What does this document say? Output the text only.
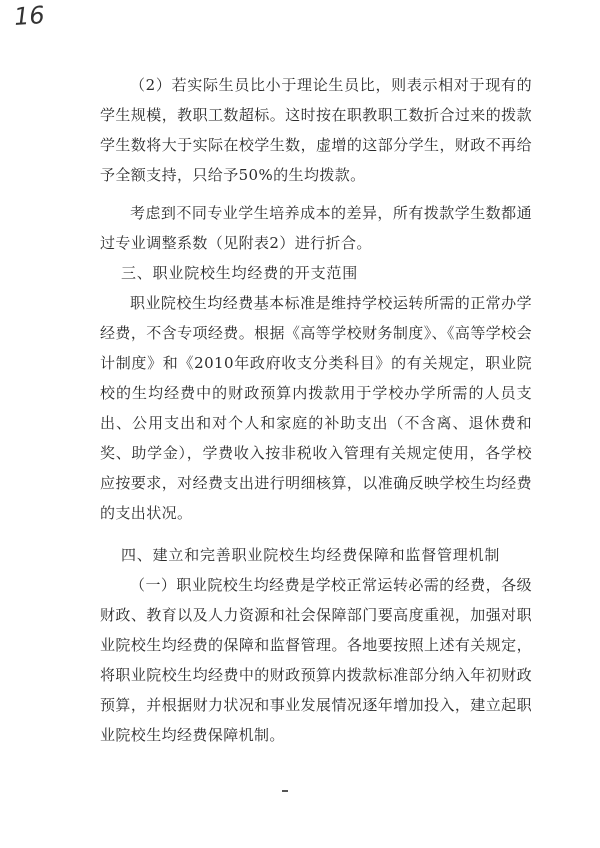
16

（2）若实际生员比小于理论生员比，则表示相对于现有的学生规模，教职工数超标。这时按在职教职工数折合过来的拨款学生数将大于实际在校学生数，虚增的这部分学生，财政不再给予全额支持，只给予50%的生均拨款。

考虑到不同专业学生培养成本的差异，所有拨款学生数都通过专业调整系数（见附表2）进行折合。

三、职业院校生均经费的开支范围

职业院校生均经费基本标准是维持学校运转所需的正常办学经费，不含专项经费。根据《高等学校财务制度》、《高等学校会计制度》和《2010年政府收支分类科目》的有关规定，职业院校的生均经费中的财政预算内拨款用于学校办学所需的人员支出、公用支出和对个人和家庭的补助支出（不含离、退休费和奖、助学金），学费收入按非税收入管理有关规定使用，各学校应按要求，对经费支出进行明细核算，以准确反映学校生均经费的支出状况。

四、建立和完善职业院校生均经费保障和监督管理机制

（一）职业院校生均经费是学校正常运转必需的经费，各级财政、教育以及人力资源和社会保障部门要高度重视，加强对职业院校生均经费的保障和监督管理。各地要按照上述有关规定，将职业院校生均经费中的财政预算内拨款标准部分纳入年初财政预算，并根据财力状况和事业发展情况逐年增加投入，建立起职业院校生均经费保障机制。
